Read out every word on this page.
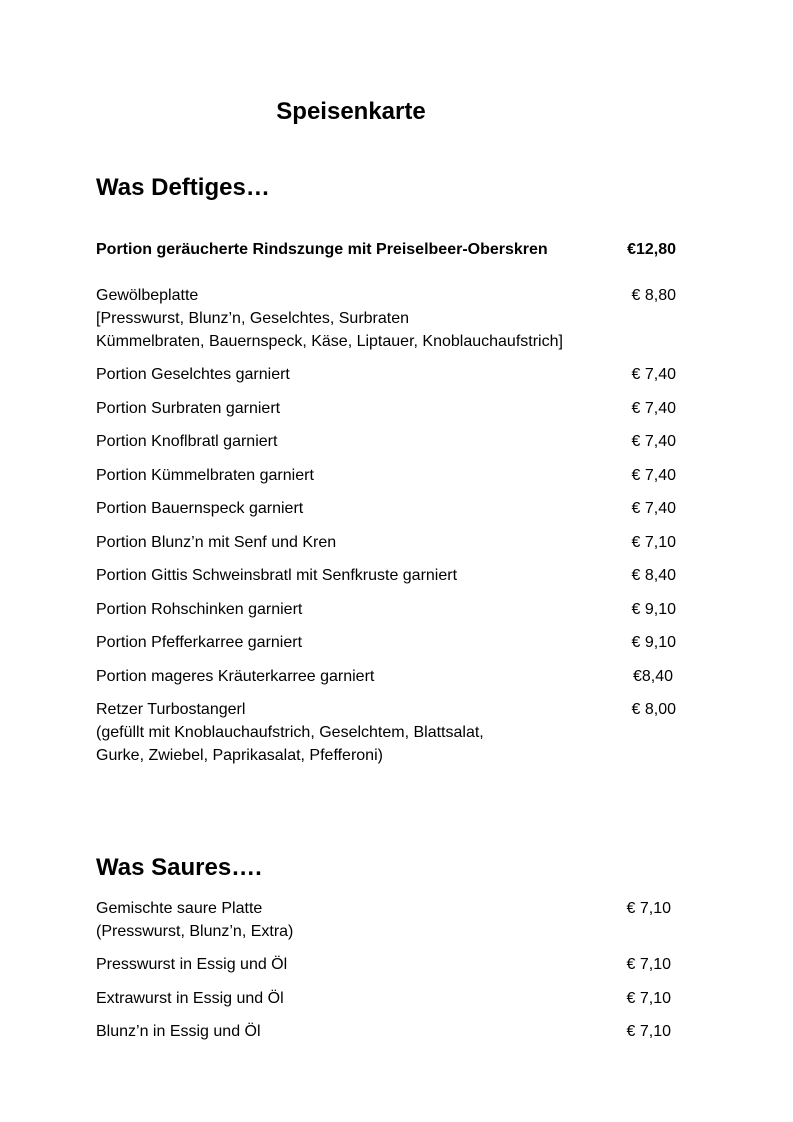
Speisenkarte
Was Deftiges…
Portion geräucherte Rindszunge mit Preiselbeer-Oberskren	€12,80
Gewölbeplatte	€ 8,80
[Presswurst, Blunz’n, Geselchtes, Surbraten
Kümmelbraten, Bauernspeck, Käse, Liptauer, Knoblauchaufstrich]
Portion Geselchtes garniert	€ 7,40
Portion Surbraten garniert	€ 7,40
Portion Knoflbratl garniert	€ 7,40
Portion Kümmelbraten garniert	€ 7,40
Portion Bauernspeck garniert	€ 7,40
Portion Blunz’n mit Senf und Kren	€ 7,10
Portion Gittis Schweinsbratl mit Senfkruste garniert	€ 8,40
Portion Rohschinken garniert	€ 9,10
Portion Pfefferkarree garniert	€ 9,10
Portion mageres Kräuterkarree garniert	€8,40
Retzer Turbostangerl	€ 8,00
(gefüllt mit Knoblauchaufstrich, Geselchtem, Blattsalat,
Gurke, Zwiebel, Paprikasalat, Pfefferoni)
Was Saures….
Gemischte saure Platte	€ 7,10
(Presswurst, Blunz’n, Extra)
Presswurst in Essig und Öl	€ 7,10
Extrawurst in Essig und Öl	€ 7,10
Blunz’n in Essig und Öl	€ 7,10
